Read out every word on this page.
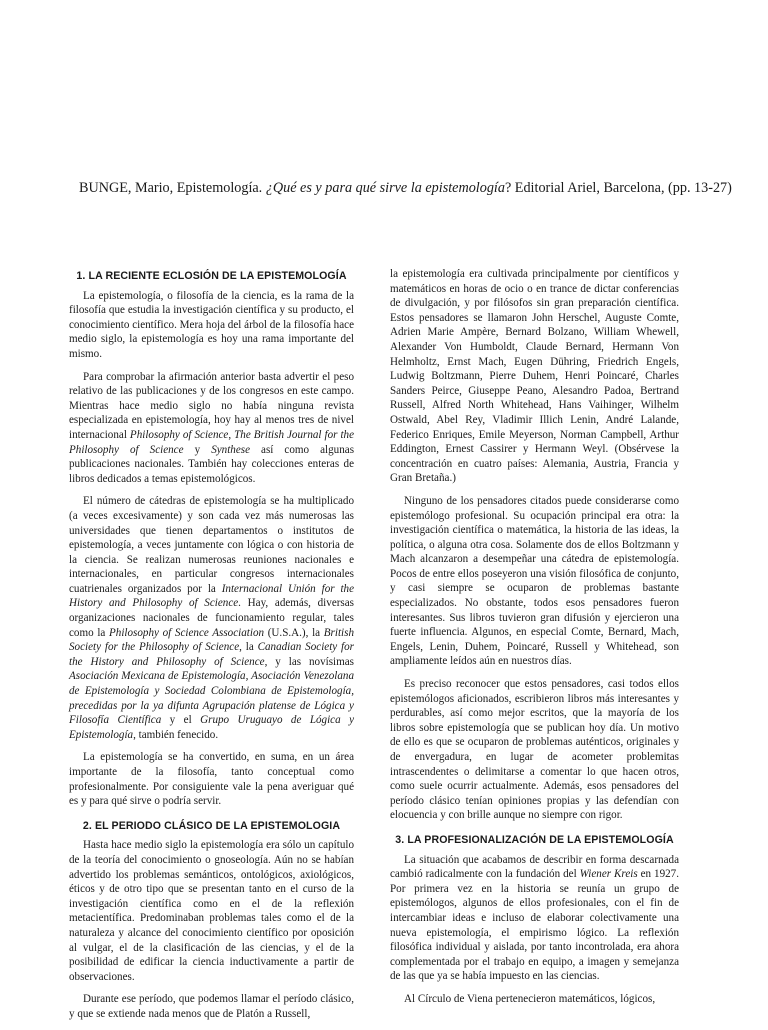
BUNGE, Mario, Epistemología. ¿Qué es y para qué sirve la epistemología? Editorial Ariel, Barcelona, (pp. 13-27)
1. LA RECIENTE ECLOSIÓN DE LA EPISTEMOLOGÍA

La epistemología, o filosofía de la ciencia, es la rama de la filosofía que estudia la investigación científica y su producto, el conocimiento científico. Mera hoja del árbol de la filosofía hace medio siglo, la epistemología es hoy una rama importante del mismo.

Para comprobar la afirmación anterior basta advertir el peso relativo de las publicaciones y de los congresos en este campo. Mientras hace medio siglo no había ninguna revista especializada en epistemología, hoy hay al menos tres de nivel internacional Philosophy of Science, The British Journal for the Philosophy of Science y Synthese así como algunas publicaciones nacionales. También hay colecciones enteras de libros dedicados a temas epistemológicos.

El número de cátedras de epistemología se ha multiplicado (a veces excesivamente) y son cada vez más numerosas las universidades que tienen departamentos o institutos de epistemología, a veces juntamente con lógica o con historia de la ciencia. Se realizan numerosas reuniones nacionales e internacionales, en particular congresos internacionales cuatrienales organizados por la Internacional Unión for the History and Philosophy of Science. Hay, además, diversas organizaciones nacionales de funcionamiento regular, tales como la Philosophy of Science Association (U.S.A.), la British Society for the Philosophy of Science, la Canadian Society for the History and Philosophy of Science, y las novísimas Asociación Mexicana de Epistemología, Asociación Venezolana de Epistemología y Sociedad Colombiana de Epistemología, precedidas por la ya difunta Agrupación platense de Lógica y Filosofía Científica y el Grupo Uruguayo de Lógica y Epistemología, también fenecido.

La epistemología se ha convertido, en suma, en un área importante de la filosofía, tanto conceptual como profesionalmente. Por consiguiente vale la pena averiguar qué es y para qué sirve o podría servir.

2. EL PERIODO CLÁSICO DE LA EPISTEMOLOGIA

Hasta hace medio siglo la epistemología era sólo un capítulo de la teoría del conocimiento o gnoseología. Aún no se habían advertido los problemas semánticos, ontológicos, axiológicos, éticos y de otro tipo que se presentan tanto en el curso de la investigación científica como en el de la reflexión metacientífica. Predominaban problemas tales como el de la naturaleza y alcance del conocimiento científico por oposición al vulgar, el de la clasificación de las ciencias, y el de la posibilidad de edificar la ciencia inductivamente a partir de observaciones.

Durante ese período, que podemos llamar el período clásico, y que se extiende nada menos que de Platón a Russell,

la epistemología era cultivada principalmente por científicos y matemáticos en horas de ocio o en trance de dictar conferencias de divulgación, y por filósofos sin gran preparación científica. Estos pensadores se llamaron John Herschel, Auguste Comte, Adrien Marie Ampère, Bernard Bolzano, William Whewell, Alexander Von Humboldt, Claude Bernard, Hermann Von Helmholtz, Ernst Mach, Eugen Dühring, Friedrich Engels, Ludwig Boltzmann, Pierre Duhem, Henri Poincaré, Charles Sanders Peirce, Giuseppe Peano, Alesandro Padoa, Bertrand Russell, Alfred North Whitehead, Hans Vaihinger, Wilhelm Ostwald, Abel Rey, Vladimir Illich Lenin, André Lalande, Federico Enriques, Emile Meyerson, Norman Campbell, Arthur Eddington, Ernest Cassirer y Hermann Weyl. (Obsérvese la concentración en cuatro países: Alemania, Austria, Francia y Gran Bretaña.)

Ninguno de los pensadores citados puede considerarse como epistemólogo profesional. Su ocupación principal era otra: la investigación científica o matemática, la historia de las ideas, la política, o alguna otra cosa. Solamente dos de ellos Boltzmann y Mach alcanzaron a desempeñar una cátedra de epistemología. Pocos de entre ellos poseyeron una visión filosófica de conjunto, y casi siempre se ocuparon de problemas bastante especializados. No obstante, todos esos pensadores fueron interesantes. Sus libros tuvieron gran difusión y ejercieron una fuerte influencia. Algunos, en especial Comte, Bernard, Mach, Engels, Lenin, Duhem, Poincaré, Russell y Whitehead, son ampliamente leídos aún en nuestros días.

Es preciso reconocer que estos pensadores, casi todos ellos epistemólogos aficionados, escribieron libros más interesantes y perdurables, así como mejor escritos, que la mayoría de los libros sobre epistemología que se publican hoy día. Un motivo de ello es que se ocuparon de problemas auténticos, originales y de envergadura, en lugar de acometer problemitas intrascendentes o delimitarse a comentar lo que hacen otros, como suele ocurrir actualmente. Además, esos pensadores del período clásico tenían opiniones propias y las defendían con elocuencia y con brille aunque no siempre con rigor.

3. LA PROFESIONALIZACIÓN DE LA EPISTEMOLOGÍA

La situación que acabamos de describir en forma descarnada cambió radicalmente con la fundación del Wiener Kreis en 1927. Por primera vez en la historia se reunía un grupo de epistemólogos, algunos de ellos profesionales, con el fin de intercambiar ideas e incluso de elaborar colectivamente una nueva epistemología, el empirismo lógico. La reflexión filosófica individual y aislada, por tanto incontrolada, era ahora complementada por el trabajo en equipo, a imagen y semejanza de las que ya se había impuesto en las ciencias.

Al Círculo de Viena pertenecieron matemáticos, lógicos,
